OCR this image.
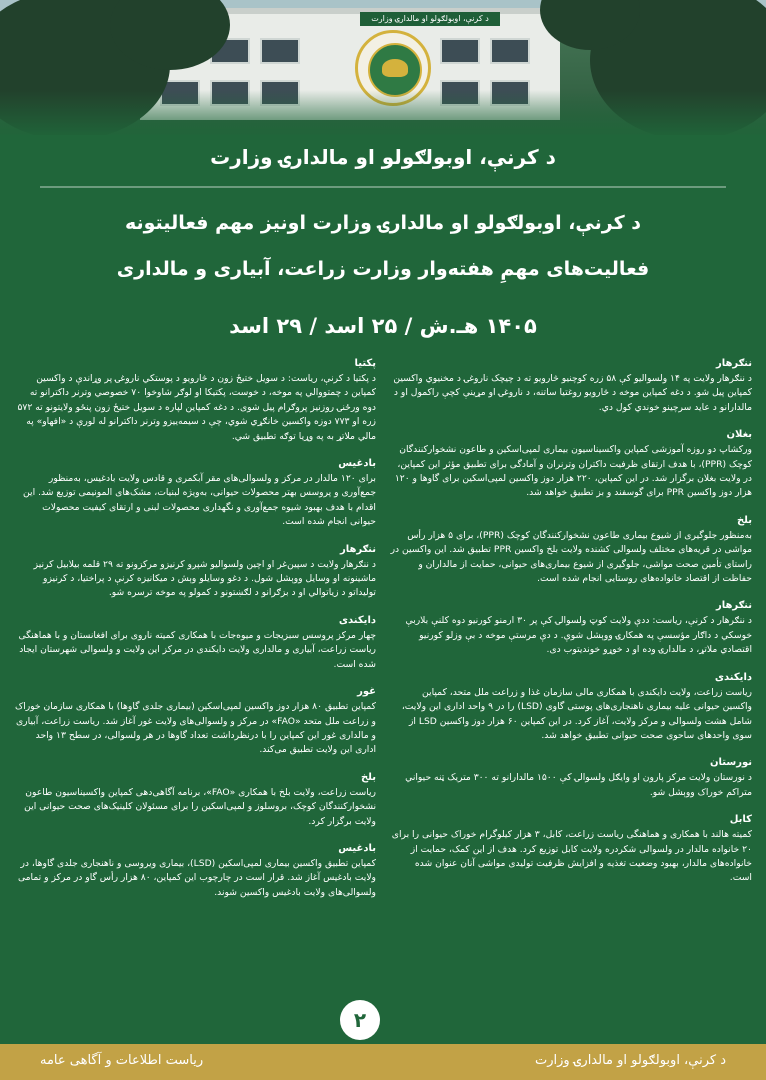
د کرنې، اوبولګولو او مالدارۍ وزارت
د کرنې، اوبولګولو او مالدارۍ وزارت
د کرنې، اوبولګولو او مالدارۍ وزارت اونیز مهم فعالیتونه
فعالیت‌های مهمِ هفته‌وار وزارت زراعت، آبیاری و مالداری
۱۴۰۵ هـ.ش / ۲۵ اسد / ۲۹ اسد
ننګرهار

د ننګرهار ولایت په ۱۴ ولسوالیو کې ۵۸ زره کوچنیو څارویو ته د چیچک ناروغۍ د مخنیوي واکسین کمپاین پیل شو. د دغه کمپاین موخه د څارویو روغتیا ساتنه، د ناروغۍ او مړینې کچې راکمول او د مالدارانو د عاید سرچینو خوندي کول دي.

بغلان

ورکشاپ دو روزه آموزشی کمپاین واکسیناسیون بیماری لمپی‌اسکین و طاعون نشخوارکنندگان کوچک (PPR)، با هدف ارتقای ظرفیت داکتران وترنران و آمادگی برای تطبیق مؤثر این کمپاین، در ولایت بغلان برگزار شد. در این کمپاین، ۲۲۰ هزار دوز واکسین لمپی‌اسکین برای گاوها و ۱۲۰ هزار دوز واکسین PPR برای گوسفند و بز تطبیق خواهد شد.

بلخ

به‌منظور جلوگیری از شیوع بیماری طاعون نشخوارکنندگان کوچک (PPR)، برای ۵ هزار رأس مواشی در قریه‌های مختلف ولسوالی کشنده ولایت بلخ واکسین PPR تطبیق شد. این واکسین در راستای تأمین صحت مواشی، جلوگیری از شیوع بیماری‌های حیوانی، حمایت از مالداران و حفاظت از اقتصاد خانواده‌های روستایی انجام شده است.

ننګرهار

د ننګرهار د کرنې، ریاست: ددې ولایت کوټ ولسوالۍ کې پر ۳۰ ارمنو کورنیو دوه کلنې بلاربې خوسکي د داګار مؤسسې په همکارۍ ووېشل شوې. د دې مرستې موخه د بې وزلو کورنیو اقتصادي ملاتړ، د مالدارۍ وده او د خوړو خوندیتوب دی.

دایکندی

ریاست زراعت، ولایت دایکندی با همکاری مالی سازمان غذا و زراعت ملل متحد، کمپاین واکسین حیوانی علیه بیماری ناهنجاری‌های پوستی گاوی (LSD) را در ۹ واحد اداری این ولایت، شامل هشت ولسوالی و مرکز ولایت، آغاز کرد. در این کمپاین ۶۰ هزار دوز واکسین LSD از سوی واحدهای ساحوی صحت حیوانی تطبیق خواهد شد.

نورستان

د نورستان ولایت مرکز پارون او وایګل ولسوالۍ کې ۱۵۰۰ مالدارانو ته ۳۰۰ متریک ټنه حیواني متراکم خوراک ووېشل شو.

کابل

کمیته هالند با همکاری و هماهنگی ریاست زراعت، کابل، ۳ هزار کیلوگرام خوراک حیوانی را برای ۲۰ خانواده مالدار در ولسوالی شکردره ولایت کابل توزیع کرد. هدف از این کمک، حمایت از خانواده‌های مالدار، بهبود وضعیت تغذیه و افزایش ظرفیت تولیدی مواشی آنان عنوان شده است.

پکتیا

د پکتیا د کرنې، ریاست: د سویل ختیځ زون د څارویو د پوستکي ناروغۍ پر وړاندې د واکسین کمپاین د چمتووالي په موخه، د خوست، پکتیکا او لوګر شاوخوا ۷۰ خصوصي وترنر داکترانو ته دوه ورځنۍ روزنیز پروګرام پیل شوی. د دغه کمپاین لپاره د سویل ختیځ زون پنځو ولایتونو ته ۵۷۲ زره او ۷۷۳ دوزه واکسین خانګړي شوي، چې د سیمه‌ییزو وترنر داکترانو له لورې د «افهاو» په مالي ملاتړ به په وړیا توګه تطبیق شي.

بادغیس

برای ۱۲۰ مالدار در مرکز و ولسوالی‌های مقر آبکمری و قادس ولایت بادغیس، به‌منظور جمع‌آوری و پروسس بهتر محصولات حیوانی، به‌ویژه لبنیات، مشک‌های المونیمی توزیع شد. این اقدام با هدف بهبود شیوه جمع‌آوری و نگهداری محصولات لبنی و ارتقای کیفیت محصولات حیوانی انجام شده است.

ننګرهار

د ننګرهار ولایت د سپین‌غر او اچین ولسوالیو شپږو کرنیزو مرکزونو ته ۲۹ قلمه بیلابیل کرنیز ماشینونه او وسایل ووېشل شول. د دغو وسایلو وېش د میکانیزه کرنې د پراختیا، د کرنیزو تولیداتو د زیاتوالي او د بزګرانو د لګښتونو د کمولو په موخه ترسره شو.

دایکندی

چهار مرکز پروسس سبزیجات و میوه‌جات با همکاری کمیته ناروی برای افغانستان و با هماهنگی ریاست زراعت، آبیاری و مالداری ولایت دایکندی در مرکز این ولایت و ولسوالی شهرستان ایجاد شده است.

غور

کمپاین تطبیق ۸۰ هزار دوز واکسین لمپی‌اسکین (بیماری جلدی گاوها) با همکاری سازمان خوراک و زراعت ملل متحد «FAO» در مرکز و ولسوالی‌های ولایت غور آغاز شد. ریاست زراعت، آبیاری و مالداری غور این کمپاین را با درنظرداشت تعداد گاوها در هر ولسوالی، در سطح ۱۳ واحد اداری این ولایت تطبیق می‌کند.

بلخ

ریاست زراعت، ولایت بلخ با همکاری «FAO»، برنامه آگاهی‌دهی کمپاین واکسیناسیون طاعون نشخوارکنندگان کوچک، بروسلوز و لمپی‌اسکین را برای مسئولان کلینیک‌های صحت حیوانی این ولایت برگزار کرد.

بادغیس

کمپاین تطبیق واکسین بیماری لمپی‌اسکین (LSD)، بیماری ویروسی و ناهنجاری جلدی گاوها، در ولایت بادغیس آغاز شد. قرار است در چارچوب این کمپاین، ۸۰ هزار رأس گاو در مرکز و تمامی ولسوالی‌های ولایت بادغیس واکسین شوند.

۲
ریاست اطلاعات و آگاهی عامه	د کرنې، اوبولګولو او مالدارۍ وزارت
